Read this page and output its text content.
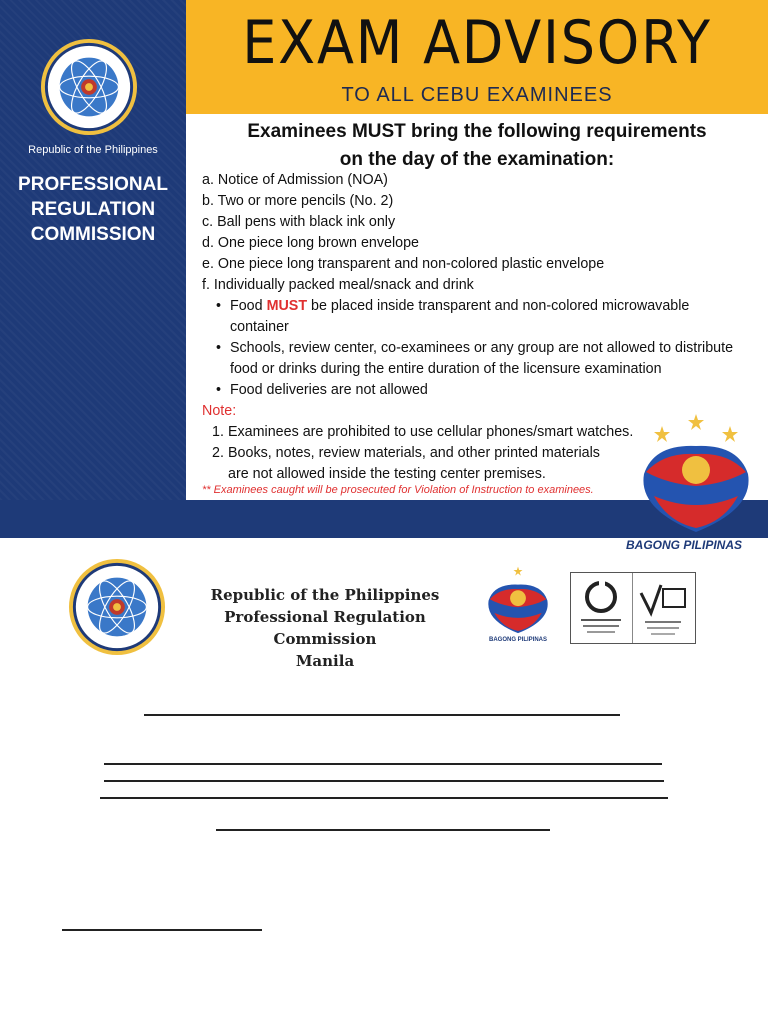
Republic of the Philippines
PROFESSIONAL
REGULATION
COMMISSION
EXAM ADVISORY
TO ALL CEBU EXAMINEES
Examinees MUST bring the following requirements
on the day of the examination:
a. Notice of Admission (NOA)
b. Two or more pencils (No. 2)
c. Ball pens with black ink only
d. One piece long brown envelope
e. One piece long transparent and non-colored plastic envelope
f. Individually packed meal/snack and drink
• Food MUST be placed inside transparent and non-colored microwavable
container
• Schools, review center, co-examinees or any group are not allowed to distribute
food or drinks during the entire duration of the licensure examination
• Food deliveries are not allowed
Note:
1. Examinees are prohibited to use cellular phones/smart watches.
2. Books, notes, review materials, and other printed materials
are not allowed inside the testing center premises.
** Examinees caught will be prosecuted for Violation of Instruction to examinees.
BAGONG PILIPINAS
Republic of the Philippines
Professional Regulation Commission
Manila
BAGONG PILIPINAS
